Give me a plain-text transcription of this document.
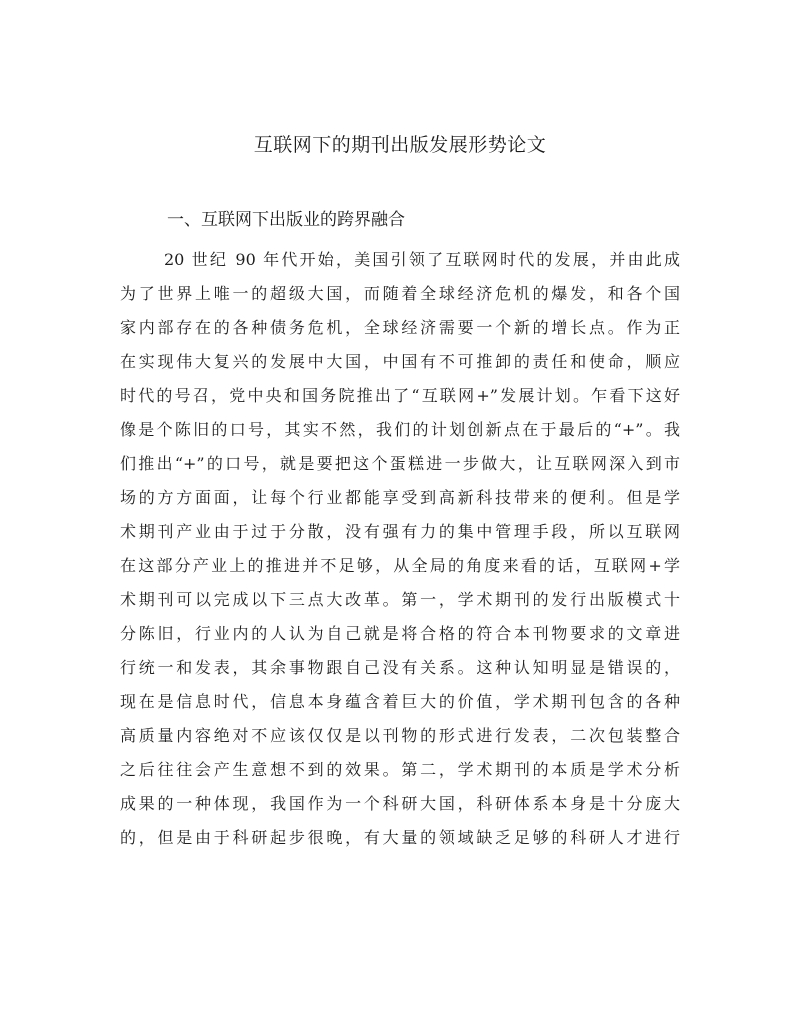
互联网下的期刊出版发展形势论文
一、互联网下出版业的跨界融合
20 世纪 90 年代开始，美国引领了互联网时代的发展，并由此成
为了世界上唯一的超级大国，而随着全球经济危机的爆发，和各个国
家内部存在的各种债务危机，全球经济需要一个新的增长点。作为正
在实现伟大复兴的发展中大国，中国有不可推卸的责任和使命，顺应
时代的号召，党中央和国务院推出了“互联网+”发展计划。乍看下这好
像是个陈旧的口号，其实不然，我们的计划创新点在于最后的“+”。我
们推出“+”的口号，就是要把这个蛋糕进一步做大，让互联网深入到市
场的方方面面，让每个行业都能享受到高新科技带来的便利。但是学
术期刊产业由于过于分散，没有强有力的集中管理手段，所以互联网
在这部分产业上的推进并不足够，从全局的角度来看的话，互联网+学
术期刊可以完成以下三点大改革。第一，学术期刊的发行出版模式十
分陈旧，行业内的人认为自己就是将合格的符合本刊物要求的文章进
行统一和发表，其余事物跟自己没有关系。这种认知明显是错误的，
现在是信息时代，信息本身蕴含着巨大的价值，学术期刊包含的各种
高质量内容绝对不应该仅仅是以刊物的形式进行发表，二次包装整合
之后往往会产生意想不到的效果。第二，学术期刊的本质是学术分析
成果的一种体现，我国作为一个科研大国，科研体系本身是十分庞大
的，但是由于科研起步很晚，有大量的领域缺乏足够的科研人才进行
